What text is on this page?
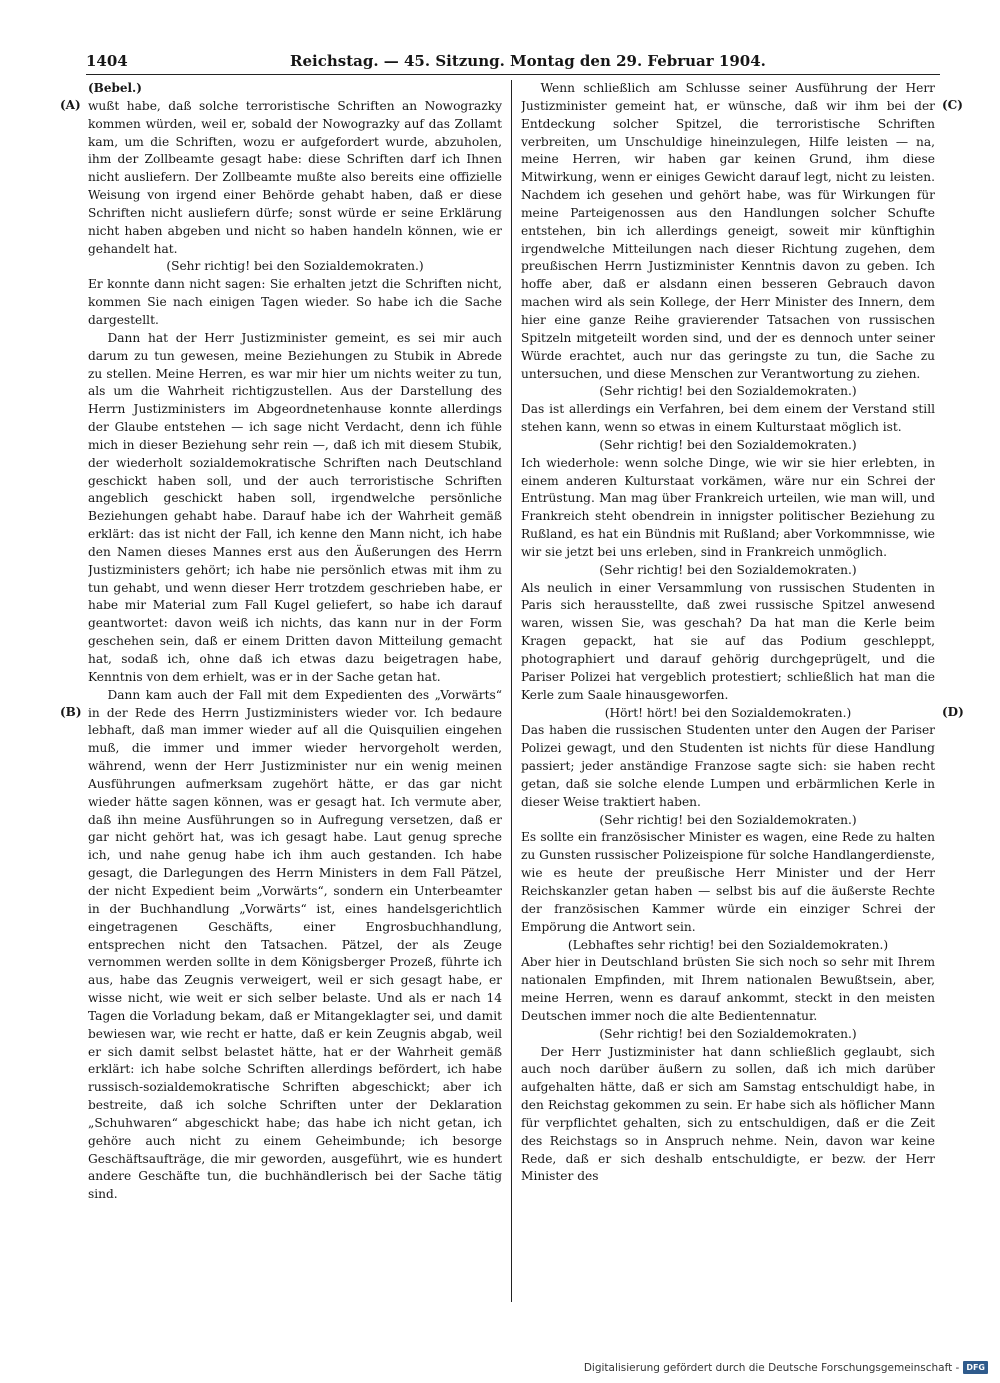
1404	Reichstag. — 45. Sitzung. Montag den 29. Februar 1904.
(A)
(B)
(C)
(D)

(Bebel.)

wußt habe, daß solche terroristische Schriften an Nowograzky kommen würden, weil er, sobald der Nowograzky auf das Zollamt kam, um die Schriften, wozu er aufgefordert wurde, abzuholen, ihm der Zollbeamte gesagt habe: diese Schriften darf ich Ihnen nicht ausliefern. Der Zollbeamte mußte also bereits eine offizielle Weisung von irgend einer Behörde gehabt haben, daß er diese Schriften nicht ausliefern dürfe; sonst würde er seine Erklärung nicht haben abgeben und nicht so haben handeln können, wie er gehandelt hat.

(Sehr richtig! bei den Sozialdemokraten.)

Er konnte dann nicht sagen: Sie erhalten jetzt die Schriften nicht, kommen Sie nach einigen Tagen wieder. So habe ich die Sache dargestellt.

Dann hat der Herr Justizminister gemeint, es sei mir auch darum zu tun gewesen, meine Beziehungen zu Stubik in Abrede zu stellen. Meine Herren, es war mir hier um nichts weiter zu tun, als um die Wahrheit richtigzustellen. Aus der Darstellung des Herrn Justizministers im Abgeordnetenhause konnte allerdings der Glaube entstehen — ich sage nicht Verdacht, denn ich fühle mich in dieser Beziehung sehr rein —, daß ich mit diesem Stubik, der wiederholt sozialdemokratische Schriften nach Deutschland geschickt haben soll, und der auch terroristische Schriften angeblich geschickt haben soll, irgendwelche persönliche Beziehungen gehabt habe. Darauf habe ich der Wahrheit gemäß erklärt: das ist nicht der Fall, ich kenne den Mann nicht, ich habe den Namen dieses Mannes erst aus den Äußerungen des Herrn Justizministers gehört; ich habe nie persönlich etwas mit ihm zu tun gehabt, und wenn dieser Herr trotzdem geschrieben habe, er habe mir Material zum Fall Kugel geliefert, so habe ich darauf geantwortet: davon weiß ich nichts, das kann nur in der Form geschehen sein, daß er einem Dritten davon Mitteilung gemacht hat, sodaß ich, ohne daß ich etwas dazu beigetragen habe, Kenntnis von dem erhielt, was er in der Sache getan hat.

Dann kam auch der Fall mit dem Expedienten des „Vorwärts“ in der Rede des Herrn Justizministers wieder vor. Ich bedaure lebhaft, daß man immer wieder auf all die Quisquilien eingehen muß, die immer und immer wieder hervorgeholt werden, während, wenn der Herr Justizminister nur ein wenig meinen Ausführungen aufmerksam zugehört hätte, er das gar nicht wieder hätte sagen können, was er gesagt hat. Ich vermute aber, daß ihn meine Ausführungen so in Aufregung versetzen, daß er gar nicht gehört hat, was ich gesagt habe. Laut genug spreche ich, und nahe genug habe ich ihm auch gestanden. Ich habe gesagt, die Darlegungen des Herrn Ministers in dem Fall Pätzel, der nicht Expedient beim „Vorwärts“, sondern ein Unterbeamter in der Buchhandlung „Vorwärts“ ist, eines handelsgerichtlich eingetragenen Geschäfts, einer Engrosbuchhandlung, entsprechen nicht den Tatsachen. Pätzel, der als Zeuge vernommen werden sollte in dem Königsberger Prozeß, führte ich aus, habe das Zeugnis verweigert, weil er sich gesagt habe, er wisse nicht, wie weit er sich selber belaste. Und als er nach 14 Tagen die Vorladung bekam, daß er Mitangeklagter sei, und damit bewiesen war, wie recht er hatte, daß er kein Zeugnis abgab, weil er sich damit selbst belastet hätte, hat er der Wahrheit gemäß erklärt: ich habe solche Schriften allerdings befördert, ich habe russisch-sozialdemokratische Schriften abgeschickt; aber ich bestreite, daß ich solche Schriften unter der Deklaration „Schuhwaren“ abgeschickt habe; das habe ich nicht getan, ich gehöre auch nicht zu einem Geheimbunde; ich besorge Geschäftsaufträge, die mir geworden, ausgeführt, wie es hundert andere Geschäfte tun, die buchhändlerisch bei der Sache tätig sind.

Wenn schließlich am Schlusse seiner Ausführung der Herr Justizminister gemeint hat, er wünsche, daß wir ihm bei der Entdeckung solcher Spitzel, die terroristische Schriften verbreiten, um Unschuldige hineinzulegen, Hilfe leisten — na, meine Herren, wir haben gar keinen Grund, ihm diese Mitwirkung, wenn er einiges Gewicht darauf legt, nicht zu leisten. Nachdem ich gesehen und gehört habe, was für Wirkungen für meine Parteigenossen aus den Handlungen solcher Schufte entstehen, bin ich allerdings geneigt, soweit mir künftighin irgendwelche Mitteilungen nach dieser Richtung zugehen, dem preußischen Herrn Justizminister Kenntnis davon zu geben. Ich hoffe aber, daß er alsdann einen besseren Gebrauch davon machen wird als sein Kollege, der Herr Minister des Innern, dem hier eine ganze Reihe gravierender Tatsachen von russischen Spitzeln mitgeteilt worden sind, und der es dennoch unter seiner Würde erachtet, auch nur das geringste zu tun, die Sache zu untersuchen, und diese Menschen zur Verantwortung zu ziehen.

(Sehr richtig! bei den Sozialdemokraten.)

Das ist allerdings ein Verfahren, bei dem einem der Verstand still stehen kann, wenn so etwas in einem Kulturstaat möglich ist.

(Sehr richtig! bei den Sozialdemokraten.)

Ich wiederhole: wenn solche Dinge, wie wir sie hier erlebten, in einem anderen Kulturstaat vorkämen, wäre nur ein Schrei der Entrüstung. Man mag über Frankreich urteilen, wie man will, und Frankreich steht obendrein in innigster politischer Beziehung zu Rußland, es hat ein Bündnis mit Rußland; aber Vorkommnisse, wie wir sie jetzt bei uns erleben, sind in Frankreich unmöglich.

(Sehr richtig! bei den Sozialdemokraten.)

Als neulich in einer Versammlung von russischen Studenten in Paris sich herausstellte, daß zwei russische Spitzel anwesend waren, wissen Sie, was geschah? Da hat man die Kerle beim Kragen gepackt, hat sie auf das Podium geschleppt, photographiert und darauf gehörig durchgeprügelt, und die Pariser Polizei hat vergeblich protestiert; schließlich hat man die Kerle zum Saale hinausgeworfen.

(Hört! hört! bei den Sozialdemokraten.)

Das haben die russischen Studenten unter den Augen der Pariser Polizei gewagt, und den Studenten ist nichts für diese Handlung passiert; jeder anständige Franzose sagte sich: sie haben recht getan, daß sie solche elende Lumpen und erbärmlichen Kerle in dieser Weise traktiert haben.

(Sehr richtig! bei den Sozialdemokraten.)

Es sollte ein französischer Minister es wagen, eine Rede zu halten zu Gunsten russischer Polizeispione für solche Handlangerdienste, wie es heute der preußische Herr Minister und der Herr Reichskanzler getan haben — selbst bis auf die äußerste Rechte der französischen Kammer würde ein einziger Schrei der Empörung die Antwort sein.

(Lebhaftes sehr richtig! bei den Sozialdemokraten.)

Aber hier in Deutschland brüsten Sie sich noch so sehr mit Ihrem nationalen Empfinden, mit Ihrem nationalen Bewußtsein, aber, meine Herren, wenn es darauf ankommt, steckt in den meisten Deutschen immer noch die alte Bedientennatur.

(Sehr richtig! bei den Sozialdemokraten.)

Der Herr Justizminister hat dann schließlich geglaubt, sich auch noch darüber äußern zu sollen, daß ich mich darüber aufgehalten hätte, daß er sich am Samstag entschuldigt habe, in den Reichstag gekommen zu sein. Er habe sich als höflicher Mann für verpflichtet gehalten, sich zu entschuldigen, daß er die Zeit des Reichstags so in Anspruch nehme. Nein, davon war keine Rede, daß er sich deshalb entschuldigte, er bezw. der Herr Minister des

Digitalisierung gefördert durch die Deutsche Forschungsgemeinschaft - DFG
